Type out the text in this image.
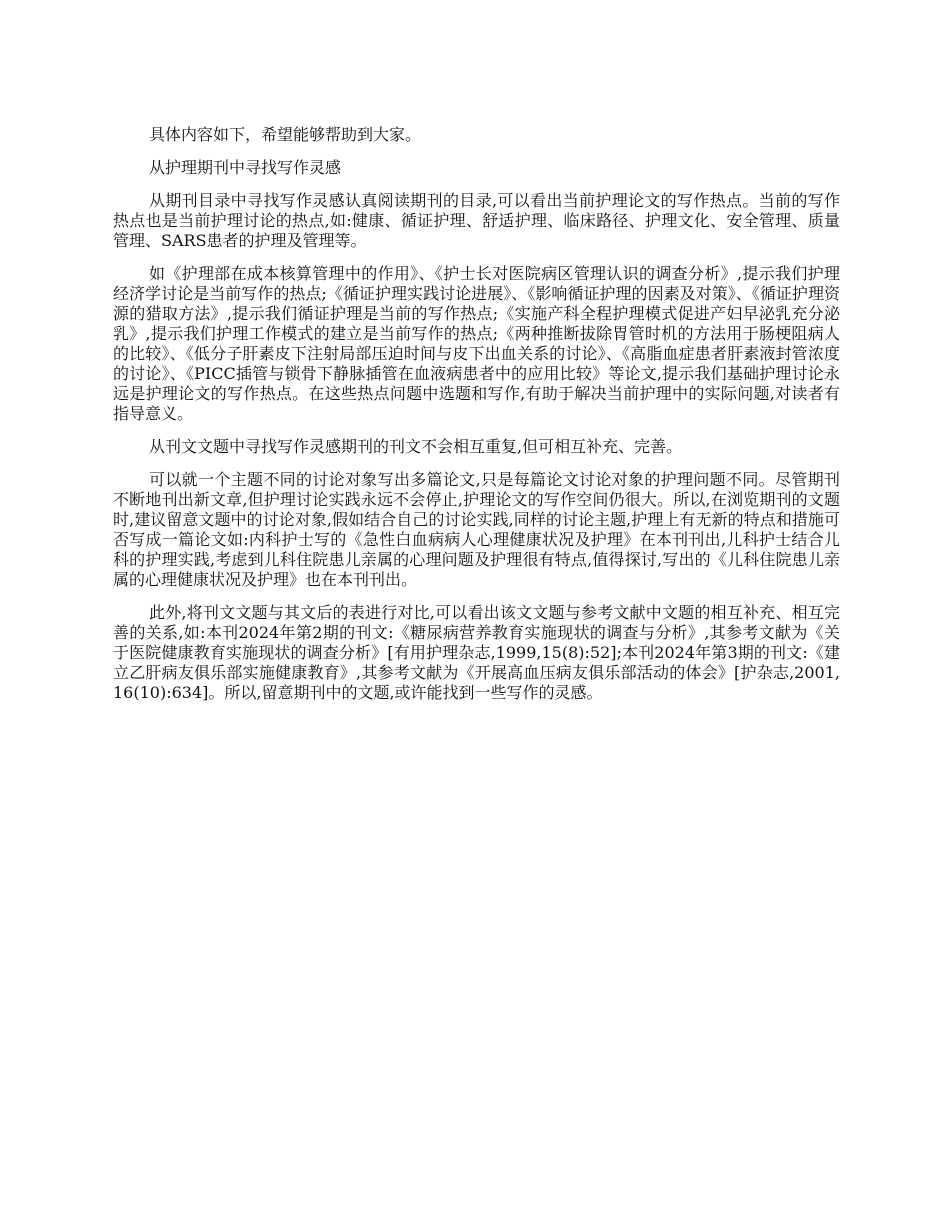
具体内容如下，希望能够帮助到大家。

从护理期刊中寻找写作灵感

从期刊目录中寻找写作灵感认真阅读期刊的目录,可以看出当前护理论文的写作热点。当前的写作热点也是当前护理讨论的热点,如:健康、循证护理、舒适护理、临床路径、护理文化、安全管理、质量管理、SARS患者的护理及管理等。

如《护理部在成本核算管理中的作用》、《护士长对医院病区管理认识的调查分析》,提示我们护理经济学讨论是当前写作的热点;《循证护理实践讨论进展》、《影响循证护理的因素及对策》、《循证护理资源的猎取方法》,提示我们循证护理是当前的写作热点;《实施产科全程护理模式促进产妇早泌乳充分泌乳》,提示我们护理工作模式的建立是当前写作的热点;《两种推断拔除胃管时机的方法用于肠梗阻病人的比较》、《低分子肝素皮下注射局部压迫时间与皮下出血关系的讨论》、《高脂血症患者肝素液封管浓度的讨论》、《PICC插管与锁骨下静脉插管在血液病患者中的应用比较》等论文,提示我们基础护理讨论永远是护理论文的写作热点。在这些热点问题中选题和写作,有助于解决当前护理中的实际问题,对读者有指导意义。

从刊文文题中寻找写作灵感期刊的刊文不会相互重复,但可相互补充、完善。

可以就一个主题不同的讨论对象写出多篇论文,只是每篇论文讨论对象的护理问题不同。尽管期刊不断地刊出新文章,但护理讨论实践永远不会停止,护理论文的写作空间仍很大。所以,在浏览期刊的文题时,建议留意文题中的讨论对象,假如结合自己的讨论实践,同样的讨论主题,护理上有无新的特点和措施可否写成一篇论文如:内科护士写的《急性白血病病人心理健康状况及护理》在本刊刊出,儿科护士结合儿科的护理实践,考虑到儿科住院患儿亲属的心理问题及护理很有特点,值得探讨,写出的《儿科住院患儿亲属的心理健康状况及护理》也在本刊刊出。

此外,将刊文文题与其文后的表进行对比,可以看出该文文题与参考文献中文题的相互补充、相互完善的关系,如:本刊2024年第2期的刊文:《糖尿病营养教育实施现状的调查与分析》,其参考文献为《关于医院健康教育实施现状的调查分析》[有用护理杂志,1999,15(8):52];本刊2024年第3期的刊文:《建立乙肝病友俱乐部实施健康教育》,其参考文献为《开展高血压病友俱乐部活动的体会》[护杂志,2001,16(10):634]。所以,留意期刊中的文题,或许能找到一些写作的灵感。
